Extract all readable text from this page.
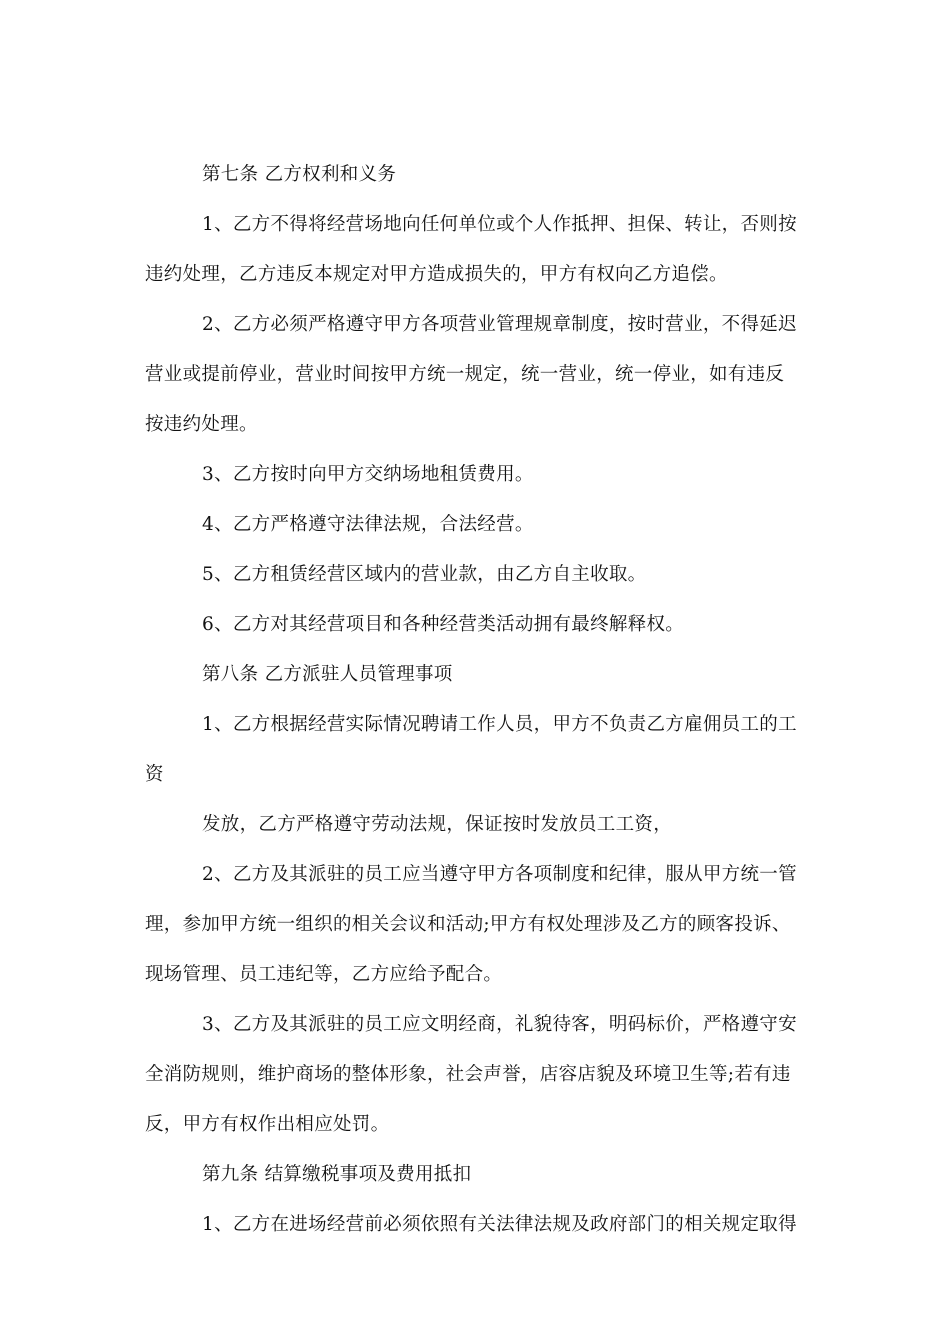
第七条 乙方权利和义务
1、乙方不得将经营场地向任何单位或个人作抵押、担保、转让，否则按
违约处理，乙方违反本规定对甲方造成损失的，甲方有权向乙方追偿。
2、乙方必须严格遵守甲方各项营业管理规章制度，按时营业，不得延迟
营业或提前停业，营业时间按甲方统一规定，统一营业，统一停业，如有违反
按违约处理。
3、乙方按时向甲方交纳场地租赁费用。
4、乙方严格遵守法律法规，合法经营。
5、乙方租赁经营区域内的营业款，由乙方自主收取。
6、乙方对其经营项目和各种经营类活动拥有最终解释权。
第八条 乙方派驻人员管理事项
1、乙方根据经营实际情况聘请工作人员，甲方不负责乙方雇佣员工的工
资
发放，乙方严格遵守劳动法规，保证按时发放员工工资，
2、乙方及其派驻的员工应当遵守甲方各项制度和纪律，服从甲方统一管
理，参加甲方统一组织的相关会议和活动;甲方有权处理涉及乙方的顾客投诉、
现场管理、员工违纪等，乙方应给予配合。
3、乙方及其派驻的员工应文明经商，礼貌待客，明码标价，严格遵守安
全消防规则，维护商场的整体形象，社会声誉，店容店貌及环境卫生等;若有违
反，甲方有权作出相应处罚。
第九条 结算缴税事项及费用抵扣
1、乙方在进场经营前必须依照有关法律法规及政府部门的相关规定取得
